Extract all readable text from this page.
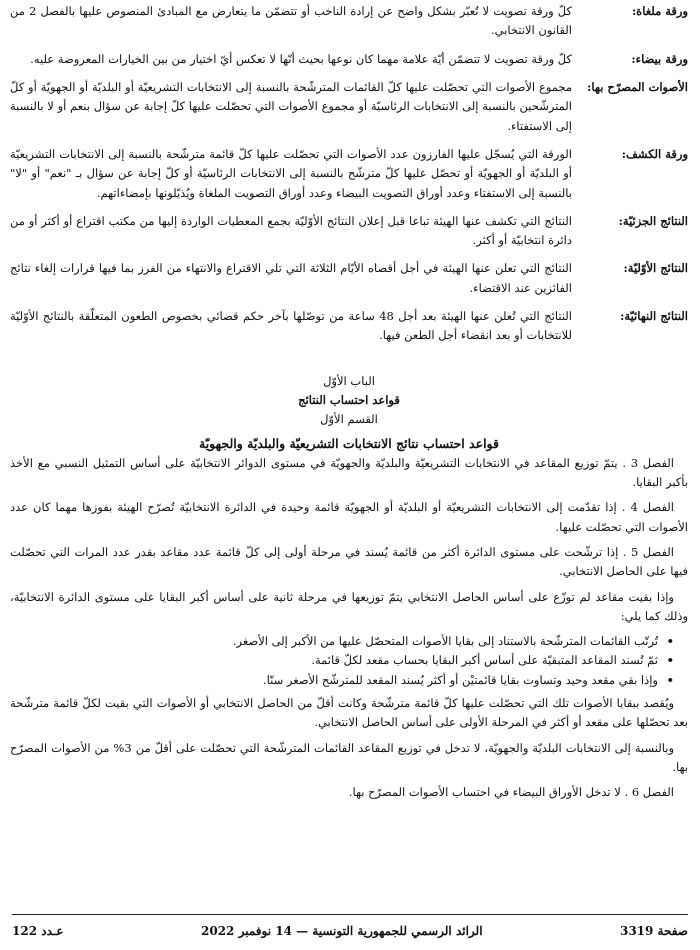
ورقة ملغاة:
كلّ ورقة تصويت لا تُعبّر بشكل واضح عن إرادة الناخب أو تتضمّن ما يتعارض مع المبادئ المنصوص عليها بالفصل 2 من القانون الانتخابي.
ورقة بيضاء:
كلّ ورقة تصويت لا تتضمّن أيّة علامة مهما كان نوعها بحيث أنّها لا تعكس أيّ اختيار من بين الخيارات المعروضة عليه.
الأصوات المصرّح بها:
مجموع الأصوات التي تحصّلت عليها كلّ القائمات المترشّحة بالنسبة إلى الانتخابات التشريعيّة أو البلديّة أو الجهويّة أو كلّ المترشّحين بالنسبة إلى الانتخابات الرئاسيّة أو مجموع الأصوات التي تحصّلت عليها كلّ إجابة عن سؤال بنعم أو لا بالنسبة إلى الاستفتاء.
ورقة الكشف:
الورقة التي يُسجّل عليها الفارزون عدد الأصوات التي تحصّلت عليها كلّ قائمة مترشّحة بالنسبة إلى الانتخابات التشريعيّة أو البلديّة أو الجهويّة أو تحصّل عليها كلّ مترشّح بالنسبة إلى الانتخابات الرئاسيّة أو كلّ إجابة عن سؤال بـ "نعم" أو "لا" بالنسبة إلى الاستفتاء وعدد أوراق التصويت البيضاء وعدد أوراق التصويت الملغاة ويُذيّلونها بإمضاءاتهم.
النتائج الجزئيّة:
النتائج التي تكشف عنها الهيئة تباعا قبل إعلان النتائج الأوّليّة بجمع المعطيات الواردة إليها من مكتب اقتراع أو أكثر أو من دائرة انتخابيّة أو أكثر.
النتائج الأوّليّة:
النتائج التي تعلن عنها الهيئة في أجل أقصاه الأيّام الثلاثة التي تلي الاقتراع والانتهاء من الفرز بما فيها قرارات إلغاء نتائج الفائزين عند الاقتضاء.
النتائج النهائيّة:
النتائج التي تُعلن عنها الهيئة بعد أجل 48 ساعة من توصّلها بآخر حكم قضائي بخصوص الطعون المتعلّقة بالنتائج الأوّليّة للانتخابات أو بعد انقضاء أجل الطعن فيها.
الباب الأوّل
قواعد احتساب النتائج
القسم الأوّل
قواعد احتساب نتائج الانتخابات التشريعيّة والبلديّة والجهويّة

الفصل 3 . يتمّ توزيع المقاعد في الانتخابات التشريعيّة والبلديّة والجهويّة في مستوى الدوائر الانتخابيّة على أساس التمثيل النسبي مع الأخذ بأكبر البقايا.

الفصل 4 . إذا تقدّمت إلى الانتخابات التشريعيّة أو البلديّة أو الجهويّة قائمة وحيدة في الدائرة الانتخابيّة تُصرّح الهيئة بفوزها مهما كان عدد الأصوات التي تحصّلت عليها.

الفصل 5 . إذا ترشّحت على مستوى الدائرة أكثر من قائمة يُسند في مرحلة أولى إلى كلّ قائمة عدد مقاعد بقدر عدد المرات التي تحصّلت فيها على الحاصل الانتخابي.

وإذا بقيت مقاعد لم توزّع على أساس الحاصل الانتخابي يتمّ توزيعها في مرحلة ثانية على أساس أكبر البقايا على مستوى الدائرة الانتخابيّة، وذلك كما يلي:

• تُرتّب القائمات المترشّحة بالاستناد إلى بقايا الأصوات المتحصّل عليها من الأكبر إلى الأصغر.
• ثمّ تُسند المقاعد المتبقيّة على أساس أكبر البقايا بحساب مقعد لكلّ قائمة.
• وإذا بقي مقعد وحيد وتساوت بقايا قائمتيْن أو أكثر يُسند المقعد للمترشّح الأصغر سنّا.

ويُقصد ببقايا الأصوات تلك التي تحصّلت عليها كلّ قائمة مترشّحة وكانت أقلّ من الحاصل الانتخابي أو الأصوات التي بقيت لكلّ قائمة مترشّحة بعد تحصّلها على مقعد أو أكثر في المرحلة الأولى على أساس الحاصل الانتخابي.

وبالنسبة إلى الانتخابات البلديّة والجهويّة، لا تدخل في توزيع المقاعد القائمات المترشّحة التي تحصّلت على أقلّ من 3% من الأصوات المصرّح بها.

الفصل 6 . لا تدخل الأوراق البيضاء في احتساب الأصوات المصرّح بها.

صفحة 3319
الرائد الرسمي للجمهورية التونسية — 14 نوفمبر 2022
عـدد 122
